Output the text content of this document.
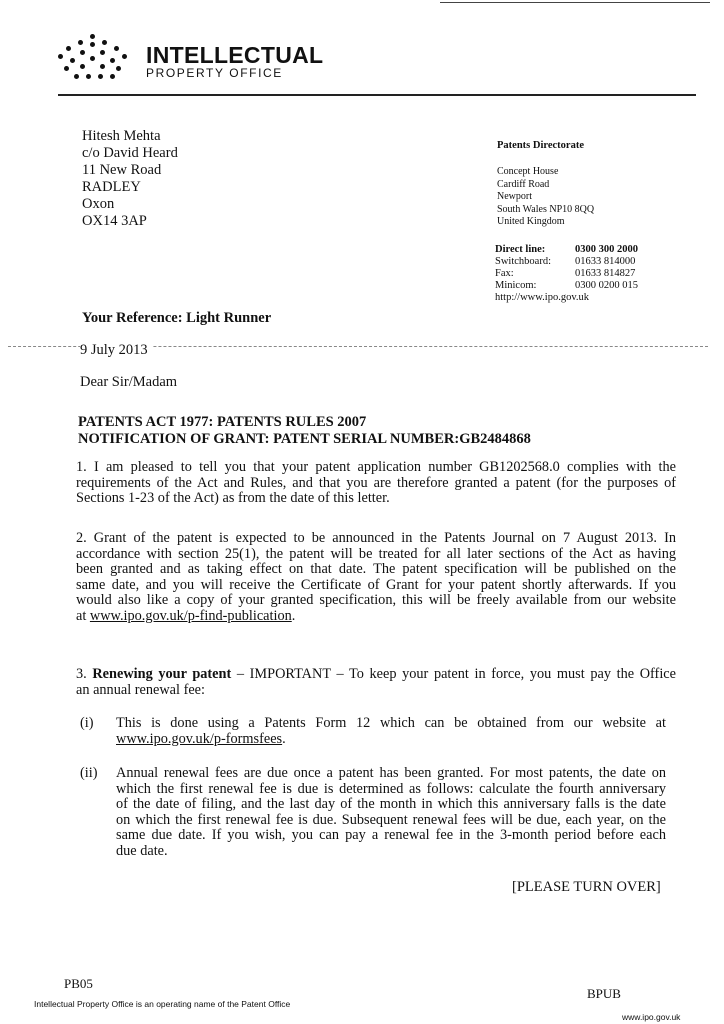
INTELLECTUAL
PROPERTY OFFICE
Hitesh Mehta
c/o David Heard
11 New Road
RADLEY
Oxon
OX14 3AP
Patents Directorate
Concept House
Cardiff Road
Newport
South Wales NP10 8QQ
United Kingdom
Direct line:	0300 300 2000
Switchboard: 01633 814000
Fax:	01633 814827
Minicom:	0300 0200 015
http://www.ipo.gov.uk
Your Reference: Light Runner
9 July 2013
Dear Sir/Madam
PATENTS ACT 1977: PATENTS RULES 2007
NOTIFICATION OF GRANT: PATENT SERIAL NUMBER:GB2484868
1. I am pleased to tell you that your patent application number GB1202568.0 complies with the
requirements of the Act and Rules, and that you are therefore granted a patent (for the purposes of
Sections 1-23 of the Act) as from the date of this letter.
2. Grant of the patent is expected to be announced in the Patents Journal on 7 August 2013. In
accordance with section 25(1), the patent will be treated for all later sections of the Act as having
been granted and as taking effect on that date. The patent specification will be published on the
same date, and you will receive the Certificate of Grant for your patent shortly afterwards. If you
would also like a copy of your granted specification, this will be freely available from our website
at www.ipo.gov.uk/p-find-publication.
3. Renewing your patent – IMPORTANT – To keep your patent in force, you must pay the Office
an annual renewal fee:
(i) This is done using a Patents Form 12 which can be obtained from our website at
www.ipo.gov.uk/p-formsfees.
(ii) Annual renewal fees are due once a patent has been granted. For most patents, the date on
which the first renewal fee is due is determined as follows: calculate the fourth anniversary
of the date of filing, and the last day of the month in which this anniversary falls is the date
on which the first renewal fee is due. Subsequent renewal fees will be due, each year, on the
same due date. If you wish, you can pay a renewal fee in the 3-month period before each
due date.
[PLEASE TURN OVER]
PB05
Intellectual Property Office is an operating name of the Patent Office
BPUB
www.ipo.gov.uk
